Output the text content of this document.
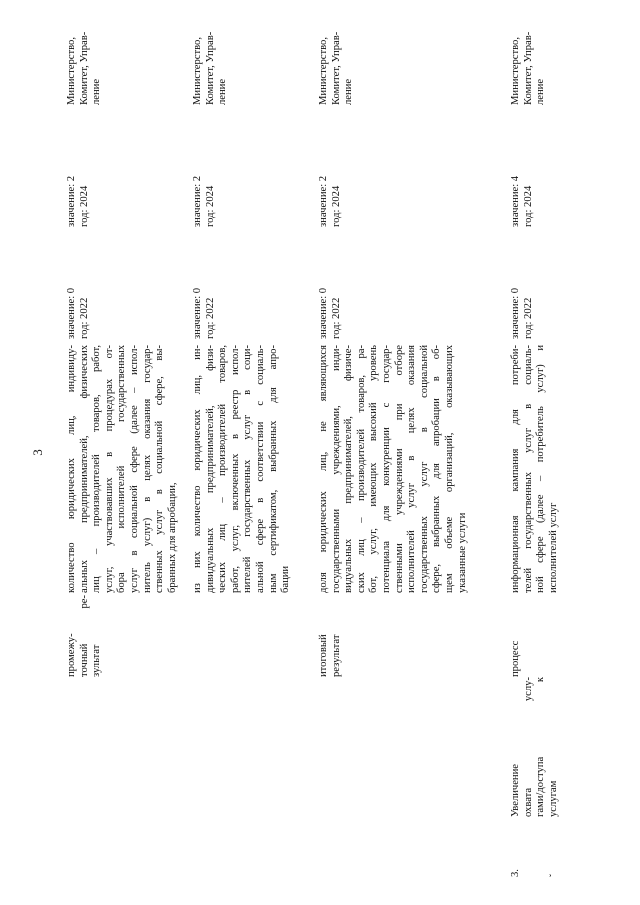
3
3.
Увеличение охвата услу- гами/доступа к услугам
промежу- точный ре- зультат
количество юридических лиц, индивиду- альных предпринимателей, физических лиц – производителей товаров, работ, услуг, участвовавших в процедурах от- бора исполнителей государственных услуг в социальной сфере (далее – испол- нитель услуг) в целях оказания государ- ственных услуг в социальной сфере, вы- бранных для апробации,
значение: 0 год: 2022
значение: 2 год: 2024
Министерство, Комитет, Управ- ление
из них количество юридических лиц, ин- дивидуальных предпринимателей, физи- ческих лиц – производителей товаров, работ, услуг, включенных в реестр испол- нителей государственных услуг в соци- альной сфере в соответствии с социаль- ным сертификатом, выбранных для апро- бации
значение: 0 год: 2022
значение: 2 год: 2024
Министерство, Комитет, Управ- ление
итоговый результат
доля юридических лиц, не являющихся государственными учреждениями, инди- видуальных предпринимателей, физиче- ских лиц – производителей товаров, ра- бот, услуг, имеющих высокий уровень потенциала для конкуренции с государ- ственными учреждениями при отборе исполнителей услуг в целях оказания государственных услуг в социальной сфере, выбранных для апробации в об- щем объеме организаций, оказывающих указанные услуги
значение: 0 год: 2022
значение: 2 год: 2024
Министерство, Комитет, Управ- ление
процесс
информационная кампания для потреби- телей государственных услуг в социаль- ной сфере (далее – потребитель услуг) и исполнителей услуг
значение: 0 год: 2022
значение: 4 год: 2024
Министерство, Комитет, Управ- ление
ˇ
